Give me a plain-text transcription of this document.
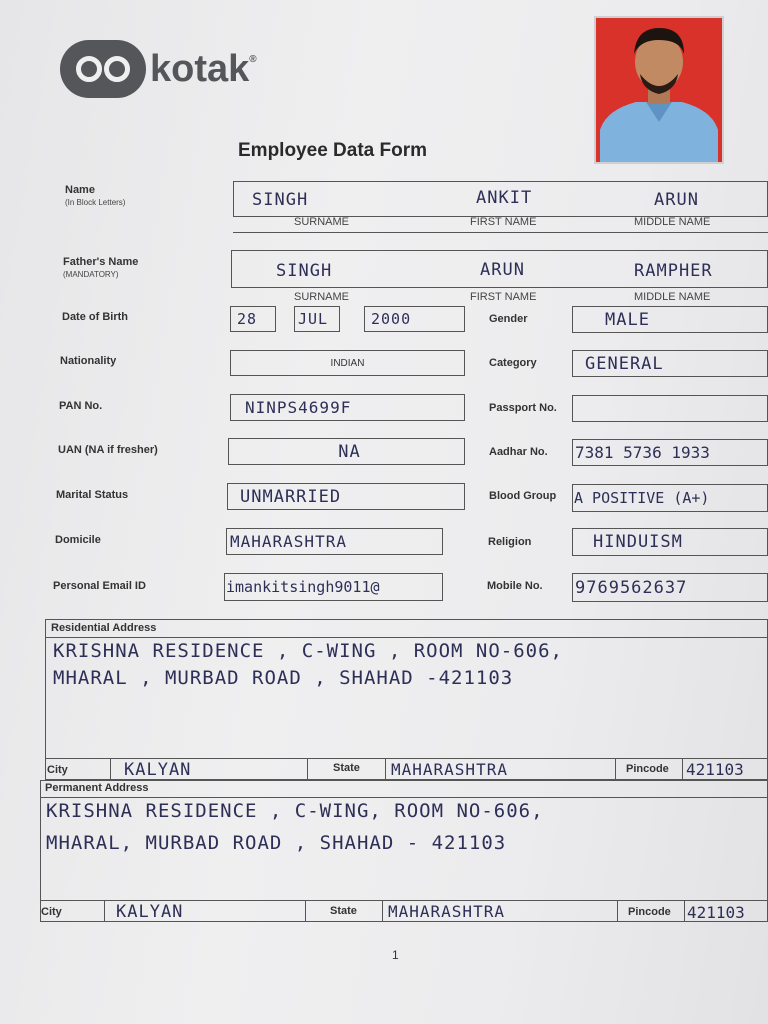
kotak®
Employee Data Form
Name
(In Block Letters)	SINGH	ANKIT	ARUN
SURNAME	FIRST NAME	MIDDLE NAME
Father's Name
(MANDATORY)	SINGH	ARUN	RAMPHER
SURNAME	FIRST NAME	MIDDLE NAME
Date of Birth	28	JUL	2000	Gender	MALE
Nationality	INDIAN	Category	GENERAL
PAN No.	NINPS4699F	Passport No.
UAN (NA if fresher)	NA	Aadhar No. 7381 5736 1933
Marital Status	UNMARRIED	Blood Group A POSITIVE (A+)
Domicile	MAHARASHTRA	Religion	HINDUISM
Personal Email ID	imankitsingh9011@	Mobile No. 9769562637
Residential Address
KRISHNA RESIDENCE , C-WING , ROOM NO-606,
MHARAL , MURBAD ROAD , SHAHAD -421103
City	KALYAN	State MAHARASHTRA	Pincode 421103
Permanent Address
KRISHNA RESIDENCE , C-WING, ROOM NO-606,
MHARAL, MURBAD ROAD , SHAHAD - 421103
City	KALYAN	State MAHARASHTRA	Pincode 421103
1
